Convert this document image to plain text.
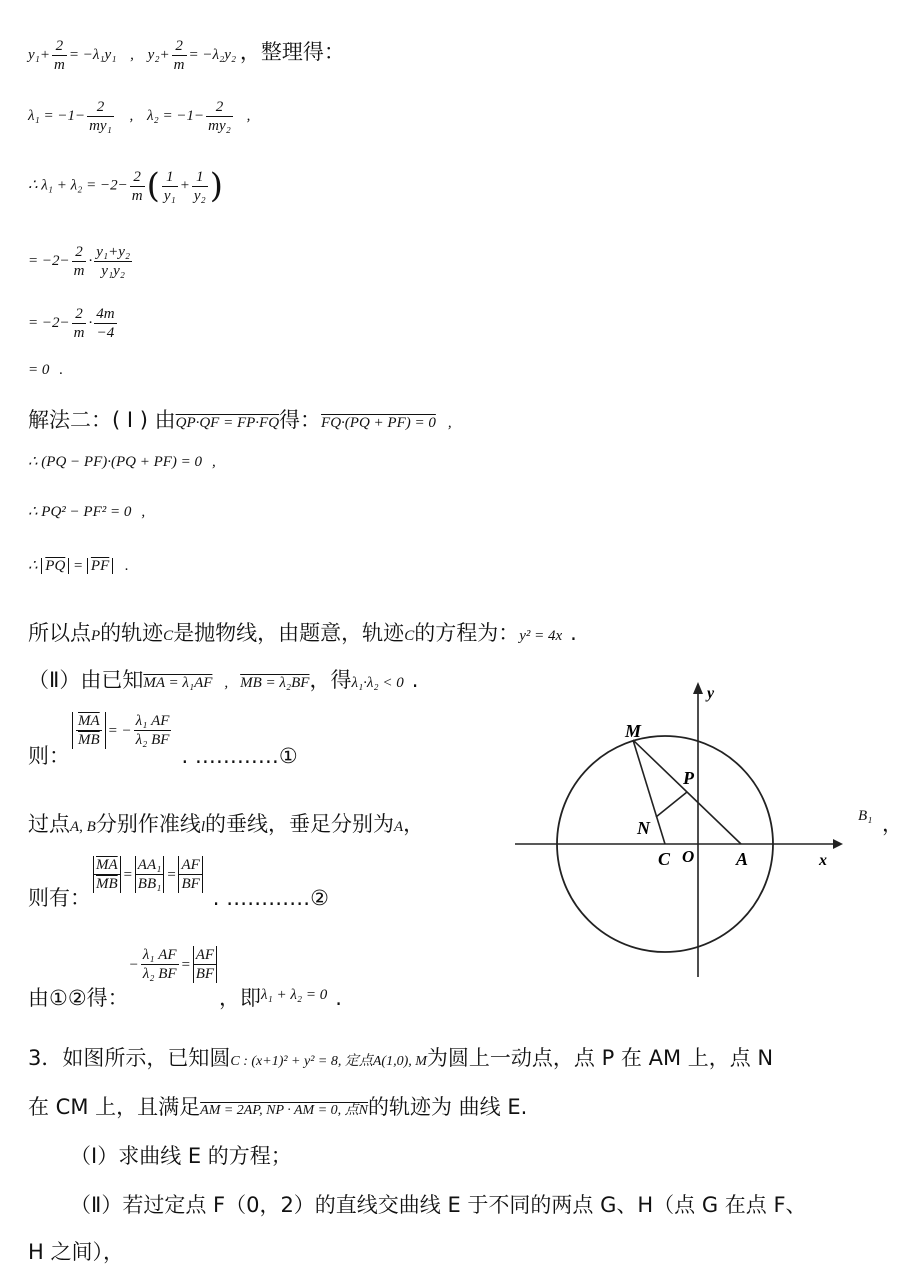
$y_1+ \frac{2}{m} = -\lambda_1y_1$ , $y_2+ \frac{2}{m} = -\lambda_2y_2$ ，整理得：
$\lambda_1 = -1- \frac{2}{\text{my₁}}$ , $\lambda_2 = -1- \frac{2}{\text{my₂}}$ ,
∴ $\lambda_1 + \lambda_2 = -2- \frac{2}{m}$ ( $\frac{1}{\text{y₁}} + \frac{1}{\text{y₂}}$ )
= $-2- \frac{2}{m} \cdot \frac{\text{y₁+y₂}}{\text{y₁y₂}}$
= $-2- \frac{2}{m} \cdot \frac{4m}{-4}$
= 0 .
解法二：( Ⅰ ) 由QP·QF = FP·FQ得：FQ·(PQ + PF) = 0 ,
∴ (PQ − PF)·(PQ + PF) = 0 ,
∴ PQ² − PF² = 0 ,
∴ $\overline{PQ} = \overline{PF}$ .
所以点P的轨迹C是抛物线，由题意，轨迹C的方程为：y² = 4x .
（Ⅱ）由已知MA = λ₁AF , MB = λ₂BF，得λ₁·λ₂ < 0 .
则：
$\frac{\overline{MA}}{MB}$ = − $\frac{\text{λ₁ AF}}{\text{λ₂ BF}}$
. …………①
过点A, B分别作准线l的垂线，垂足分别为A，	B₁ ，
则有：
$\frac{\overline{MA}}{MB} = \frac{\text{AA₁}}{\text{BB₁}} = \frac{AF}{BF}$
. …………②
由①②得：− $\frac{\text{λ₁ AF}}{\text{λ₂ BF}} = \frac{AF}{BF}$
，即λ₁ + λ₂ = 0 .
3．如图所示，已知圆C : (x+1)² + y² = 8, 定点A(1,0), M为圆上一动点，点 P 在 AM 上，点 N
在 CM 上，且满足AM = 2AP, NP · AM = 0, 点N的轨迹为 曲线 E.
（I）求曲线 E 的方程；
（Ⅱ）若过定点 F（0，2）的直线交曲线 E 于不同的两点 G、H（点 G 在点 F、
H 之间），
M
P
N
C O A	x
y
